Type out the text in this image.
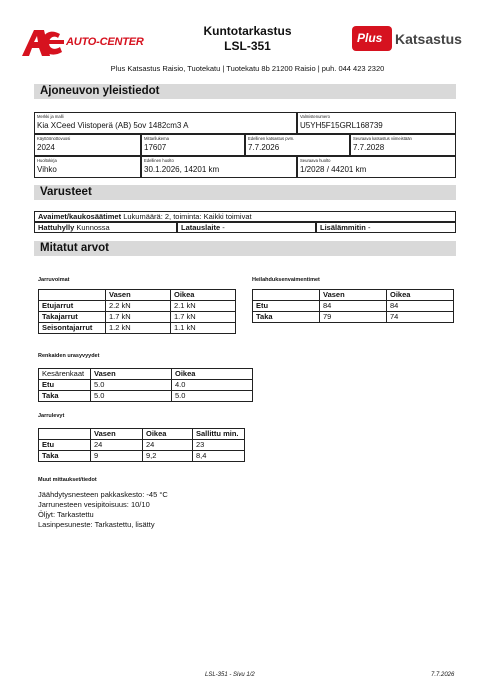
AUTO-CENTER
Kuntotarkastus
LSL-351
Plus Katsastus
Plus Katsastus Raisio, Tuotekatu | Tuotekatu 8b 21200 Raisio | puh. 044 423 2320
Ajoneuvon yleistiedot
Merkki ja malli
Kia XCeed Viistoperä (AB) 5ov 1482cm3 A
Valmistenumero
U5YH5F15GRL168739
Käyttöönottovuosi
2024
Mittarilukema
17607
Edellinen katsastus pvm.
7.7.2026
Seuraava katsastus viimeistään
7.7.2028
Huoltokirja
Vihko
Edellinen huolto
30.1.2026, 14201 km
Seuraava huolto
1/2028 / 44201 km
Varusteet
Avaimet/kaukosäätimet Lukumäärä: 2, toiminta: Kaikki toimivat
Hattuhylly Kunnossa	Latauslaite -	Lisälämmitin -
Mitatut arvot
Jarruvoimat
	Vasen	Oikea
Etujarrut	2.2 kN	2.1 kN
Takajarrut	1.7 kN	1.7 kN
Seisontajarrut	1.2 kN	1.1 kN
Heilahduksenvaimentimet
	Vasen	Oikea
Etu	84	84
Taka	79	74
Renkaiden urasyvyydet
Kesärenkaat	Vasen	Oikea
Etu	5.0	4.0
Taka	5.0	5.0
Jarrulevyt
	Vasen	Oikea	Sallittu min.
Etu	24	24	23
Taka	9	9,2	8,4
Muut mittaukset/tiedot
Jäähdytysnesteen pakkaskesto: -45 °C
Jarrunesteen vesipitoisuus: 10/10
Öljyt: Tarkastettu
Lasinpesuneste: Tarkastettu, lisätty
LSL-351 - Sivu 1/2	7.7.2026
